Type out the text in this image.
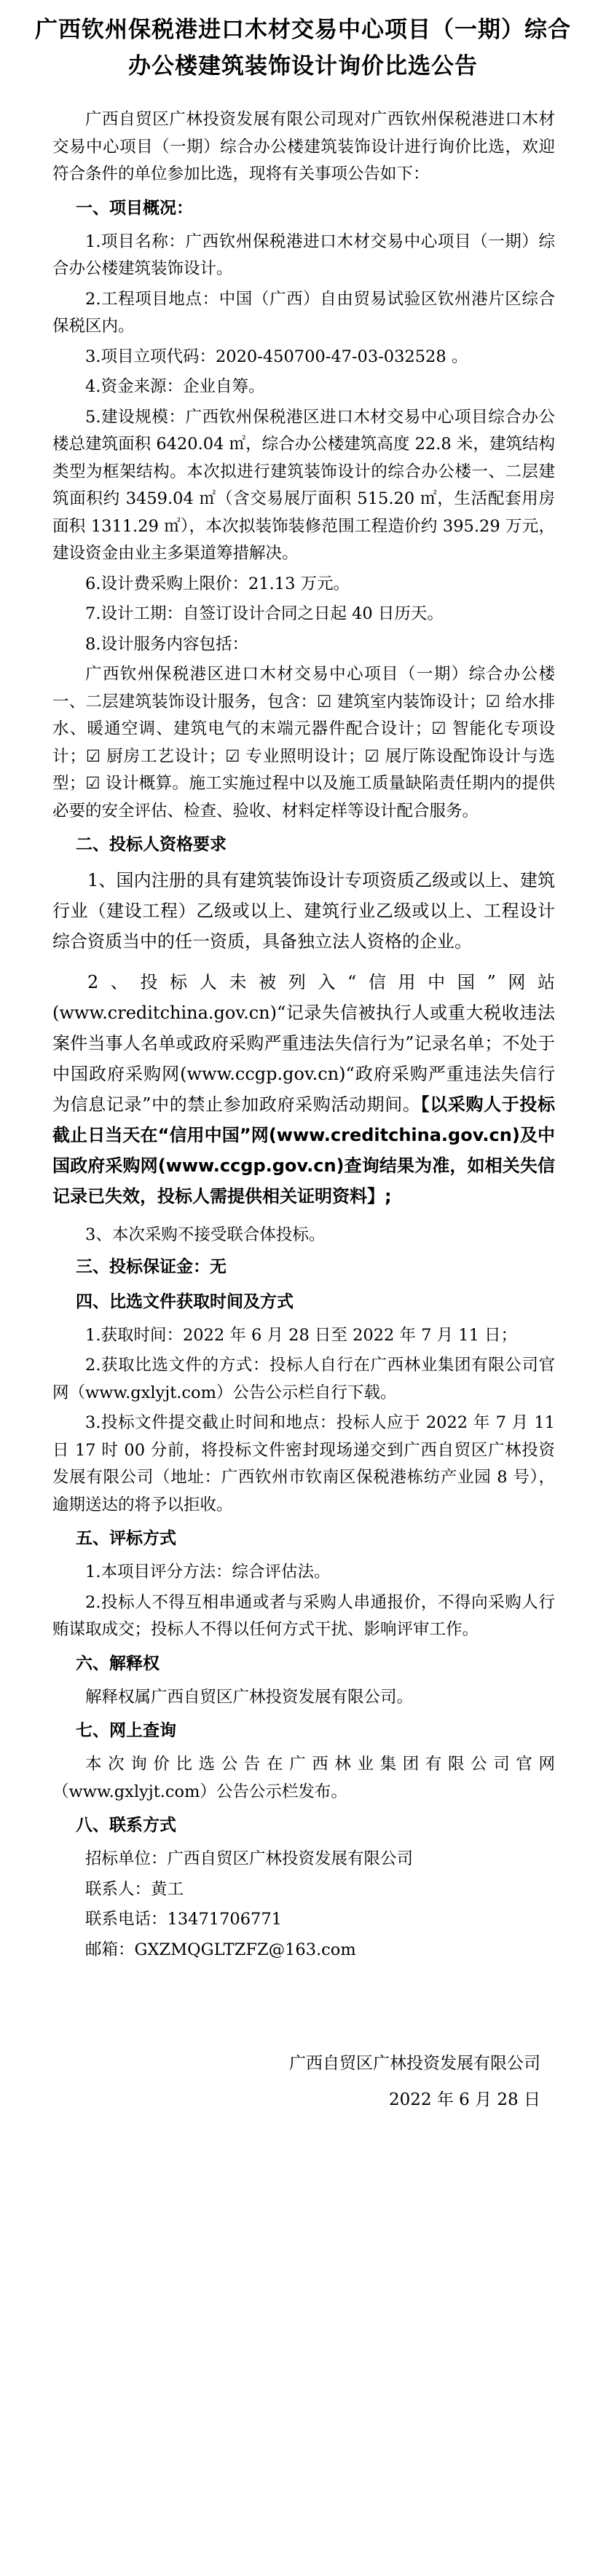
广西钦州保税港进口木材交易中心项目（一期）综合
办公楼建筑装饰设计询价比选公告

广西自贸区广林投资发展有限公司现对广西钦州保税港进口木材交易中心项目（一期）综合办公楼建筑装饰设计进行询价比选，欢迎符合条件的单位参加比选，现将有关事项公告如下：

一、项目概况：

1.项目名称：广西钦州保税港进口木材交易中心项目（一期）综合办公楼建筑装饰设计。

2.工程项目地点：中国（广西）自由贸易试验区钦州港片区综合保税区内。

3.项目立项代码：2020-450700-47-03-032528 。

4.资金来源：企业自筹。

5.建设规模：广西钦州保税港区进口木材交易中心项目综合办公楼总建筑面积 6420.04 ㎡，综合办公楼建筑高度 22.8 米，建筑结构类型为框架结构。本次拟进行建筑装饰设计的综合办公楼一、二层建筑面积约 3459.04 ㎡（含交易展厅面积 515.20 ㎡，生活配套用房面积 1311.29 ㎡），本次拟装饰装修范围工程造价约 395.29 万元，建设资金由业主多渠道筹措解决。

6.设计费采购上限价：21.13 万元。

7.设计工期：自签订设计合同之日起 40 日历天。

8.设计服务内容包括：

广西钦州保税港区进口木材交易中心项目（一期）综合办公楼一、二层建筑装饰设计服务，包含：☑ 建筑室内装饰设计；☑ 给水排水、暖通空调、建筑电气的末端元器件配合设计；☑ 智能化专项设计；☑ 厨房工艺设计；☑ 专业照明设计；☑ 展厅陈设配饰设计与选型；☑ 设计概算。施工实施过程中以及施工质量缺陷责任期内的提供必要的安全评估、检查、验收、材料定样等设计配合服务。

二、投标人资格要求

1、国内注册的具有建筑装饰设计专项资质乙级或以上、建筑行业（建设工程）乙级或以上、建筑行业乙级或以上、工程设计综合资质当中的任一资质，具备独立法人资格的企业。

2、投标人未被列入“信用中国”网站(www.creditchina.gov.cn)“记录失信被执行人或重大税收违法案件当事人名单或政府采购严重违法失信行为”记录名单；不处于中国政府采购网(www.ccgp.gov.cn)“政府采购严重违法失信行为信息记录”中的禁止参加政府采购活动期间。【以采购人于投标截止日当天在“信用中国”网(www.creditchina.gov.cn)及中国政府采购网(www.ccgp.gov.cn)查询结果为准，如相关失信记录已失效，投标人需提供相关证明资料】;

3、本次采购不接受联合体投标。

三、投标保证金：无
四、比选文件获取时间及方式

1.获取时间：2022 年 6 月 28 日至 2022 年 7 月 11 日；

2.获取比选文件的方式：投标人自行在广西林业集团有限公司官网（www.gxlyjt.com）公告公示栏自行下载。

3.投标文件提交截止时间和地点：投标人应于 2022 年 7 月 11 日 17 时 00 分前，将投标文件密封现场递交到广西自贸区广林投资发展有限公司（地址：广西钦州市钦南区保税港栋纺产业园 8 号），逾期送达的将予以拒收。

五、评标方式

1.本项目评分方法：综合评估法。

2.投标人不得互相串通或者与采购人串通报价，不得向采购人行贿谋取成交；投标人不得以任何方式干扰、影响评审工作。

六、解释权

解释权属广西自贸区广林投资发展有限公司。

七、网上查询

本次询价比选公告在广西林业集团有限公司官网（www.gxlyjt.com）公告公示栏发布。

八、联系方式

招标单位：广西自贸区广林投资发展有限公司

联系人：黄工

联系电话：13471706771

邮箱：GXZMQGLTZFZ@163.com

广西自贸区广林投资发展有限公司
2022 年 6 月 28 日
